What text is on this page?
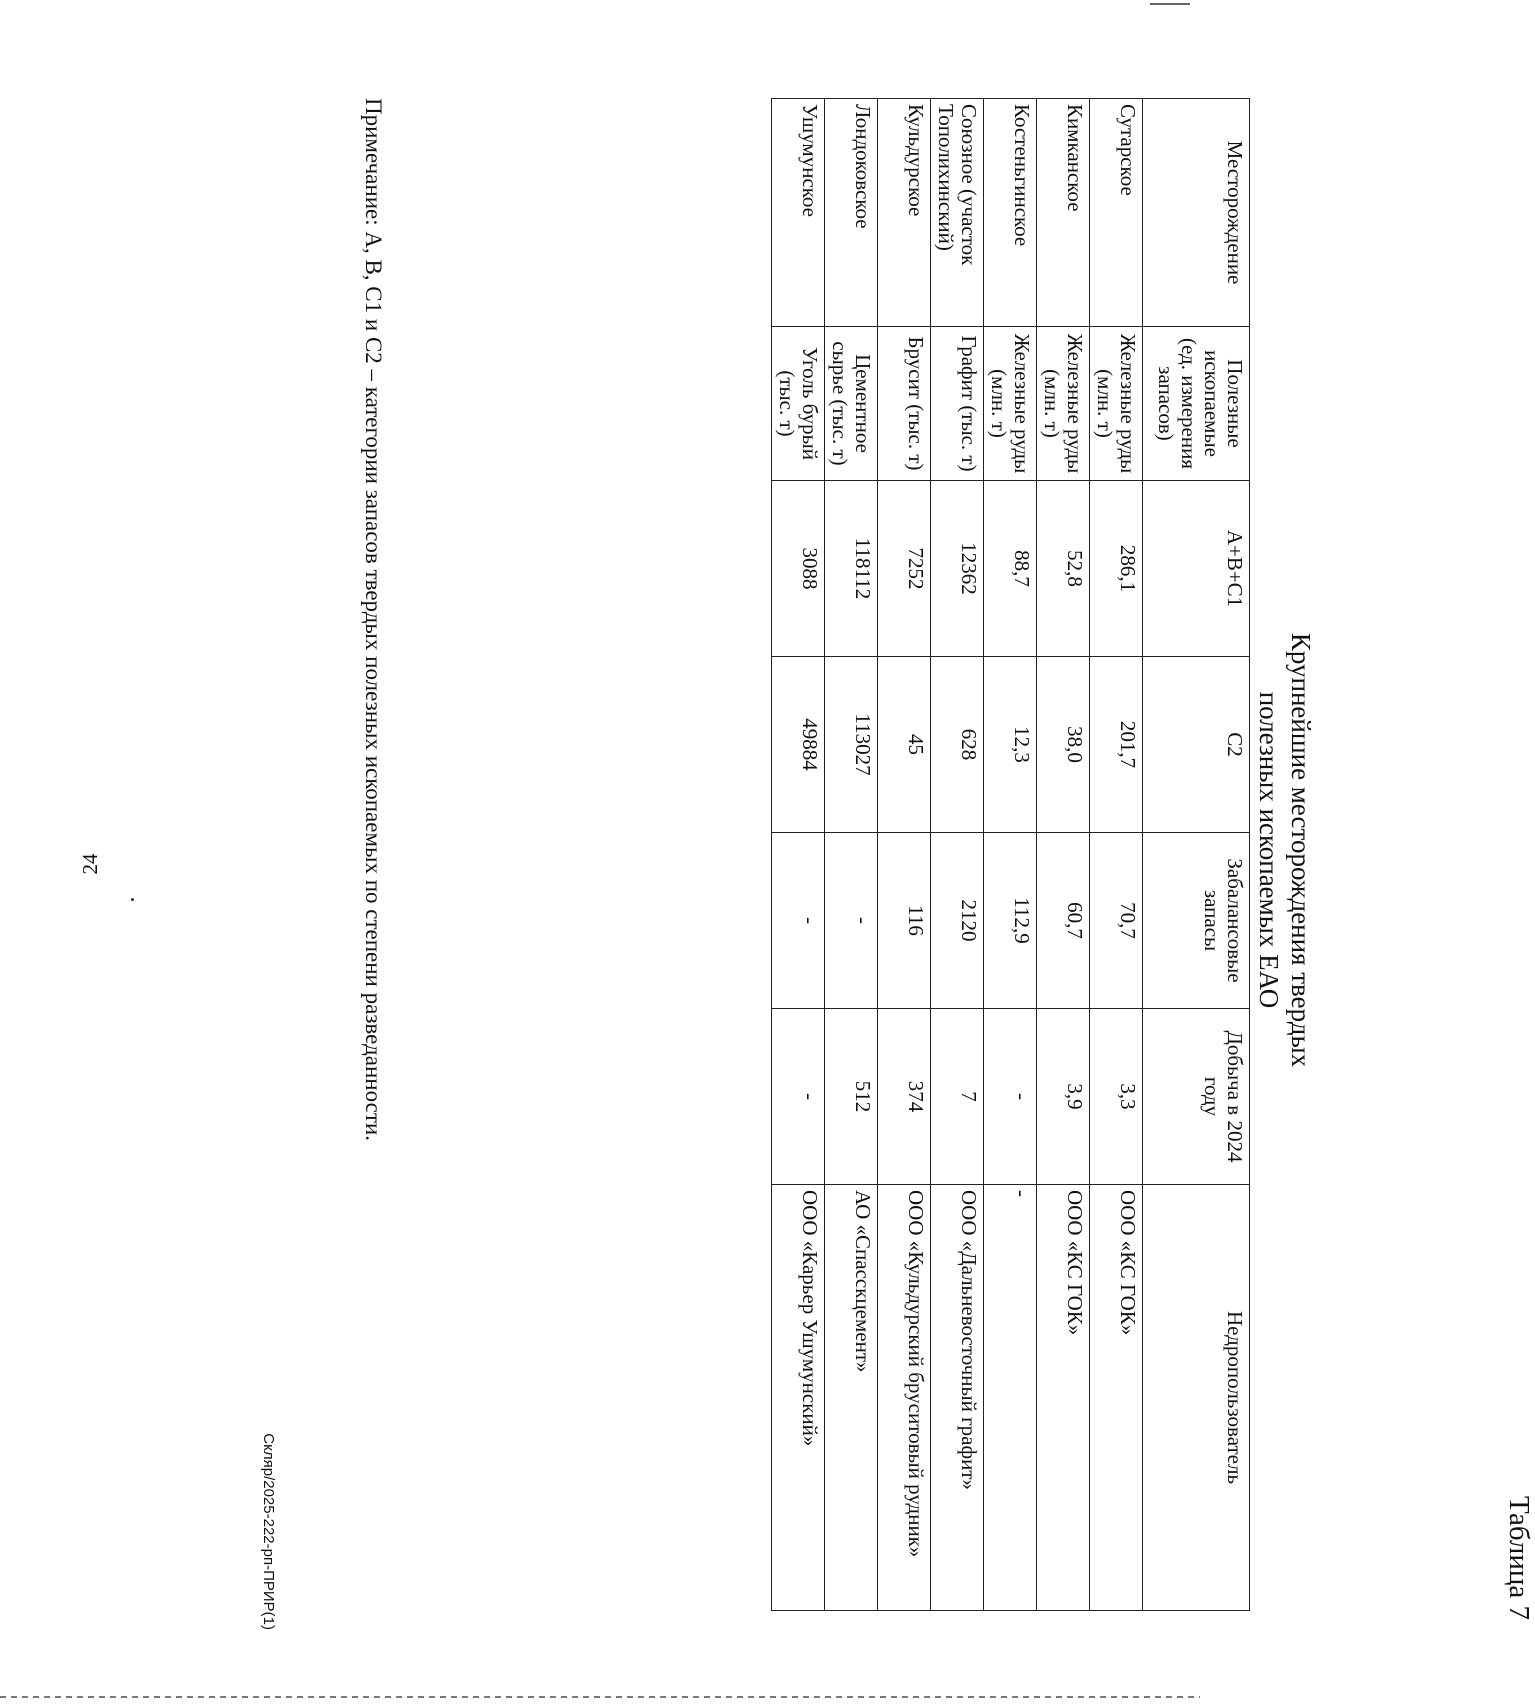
24
Таблица 7
Крупнейшие месторождения твердых
полезных ископаемых ЕАО
Месторождение	Полезные ископаемые (ед. измерения запасов)	А+В+С1	С2	Забалансовые запасы	Добыча в 2024 году	Недропользователь
Сутарское	Железные руды (млн. т)	286,1	201,7	70,7	3,3	ООО «КС ГОК»
Кимканское	Железные руды (млн. т)	52,8	38,0	60,7	3,9	ООО «КС ГОК»
Костеньгинское	Железные руды (млн. т)	88,7	12,3	112,9	-	-
Союзное (участок Тополихинский)	Графит (тыс. т)	12362	628	2120	7	ООО «Дальневосточный графит»
Кульдурское	Брусит (тыс. т)	7252	45	116	374	ООО «Кульдурский бруситовый рудник»
Лондоковское	Цементное сырье (тыс. т)	118112	113027	-	512	АО «Спасскцемент»
Ушумунское	Уголь бурый (тыс. т)	3088	49884	-	-	ООО «Карьер Ушумунский»
Примечание: А, В, С1 и С2 – категории запасов твердых полезных ископаемых по степени разведанности.
Скляр/2025-222-рп-ПРИР(1)
